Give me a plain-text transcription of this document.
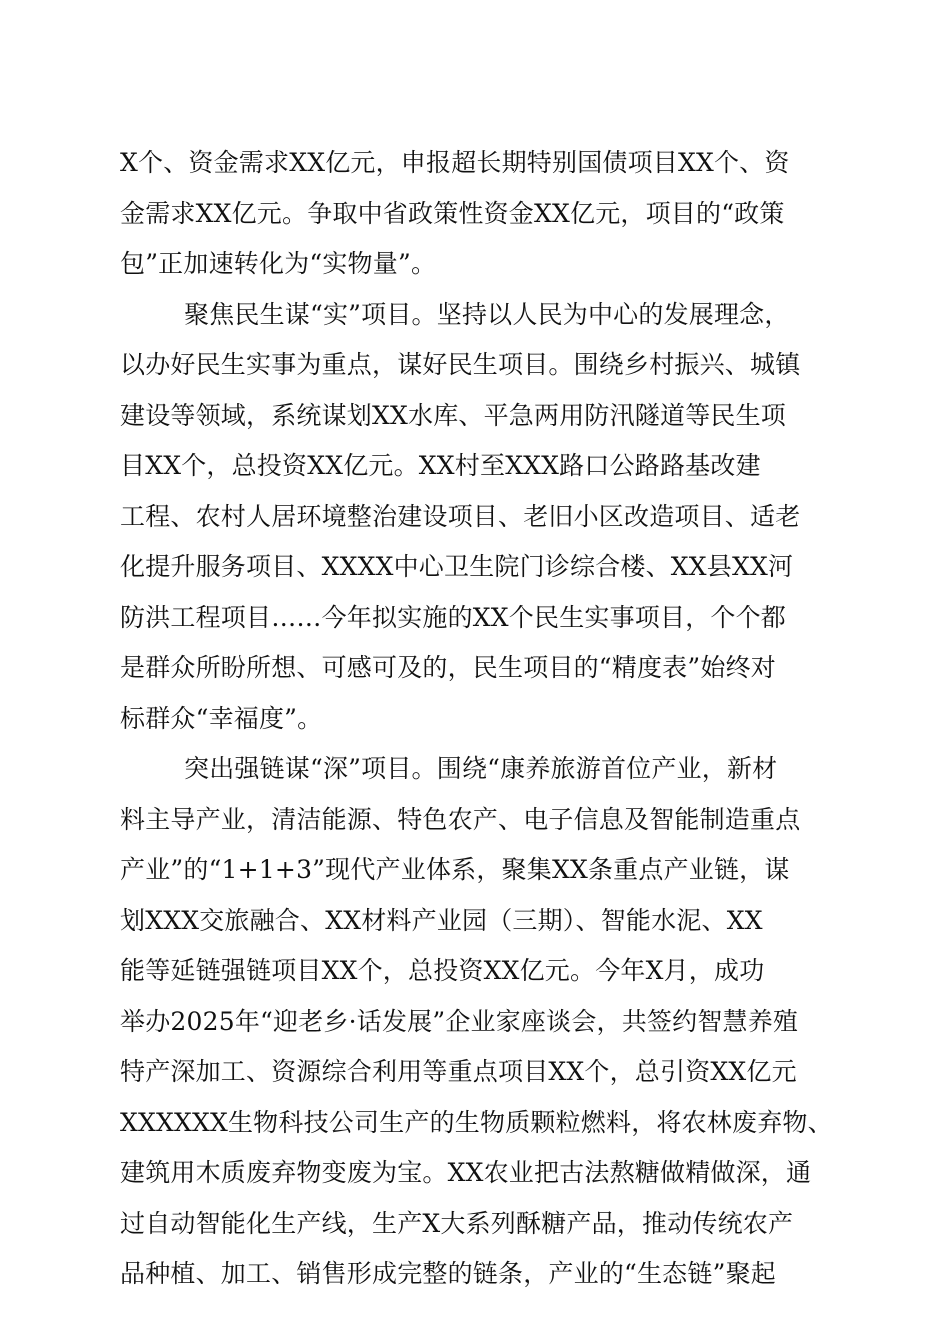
X个、资金需求XX亿元，申报超长期特别国债项目XX个、资
金需求XX亿元。争取中省政策性资金XX亿元，项目的“政策
包”正加速转化为“实物量”。
聚焦民生谋“实”项目。坚持以人民为中心的发展理念，
以办好民生实事为重点，谋好民生项目。围绕乡村振兴、城镇
建设等领域，系统谋划XX水库、平急两用防汛隧道等民生项
目XX个，总投资XX亿元。XX村至XXX路口公路路基改建
工程、农村人居环境整治建设项目、老旧小区改造项目、适老
化提升服务项目、XXXX中心卫生院门诊综合楼、XX县XX河
防洪工程项目……今年拟实施的XX个民生实事项目，个个都
是群众所盼所想、可感可及的，民生项目的“精度表”始终对
标群众“幸福度”。
突出强链谋“深”项目。围绕“康养旅游首位产业，新材
料主导产业，清洁能源、特色农产、电子信息及智能制造重点
产业”的“1+1+3”现代产业体系，聚集XX条重点产业链，谋
划XXX交旅融合、XX材料产业园（三期）、智能水泥、XX
能等延链强链项目XX个，总投资XX亿元。今年X月，成功
举办2025年“迎老乡·话发展”企业家座谈会，共签约智慧养殖
特产深加工、资源综合利用等重点项目XX个，总引资XX亿元
XXXXXX生物科技公司生产的生物质颗粒燃料，将农林废弃物、
建筑用木质废弃物变废为宝。XX农业把古法熬糖做精做深，通
过自动智能化生产线，生产X大系列酥糖产品，推动传统农产
品种植、加工、销售形成完整的链条，产业的“生态链”聚起
